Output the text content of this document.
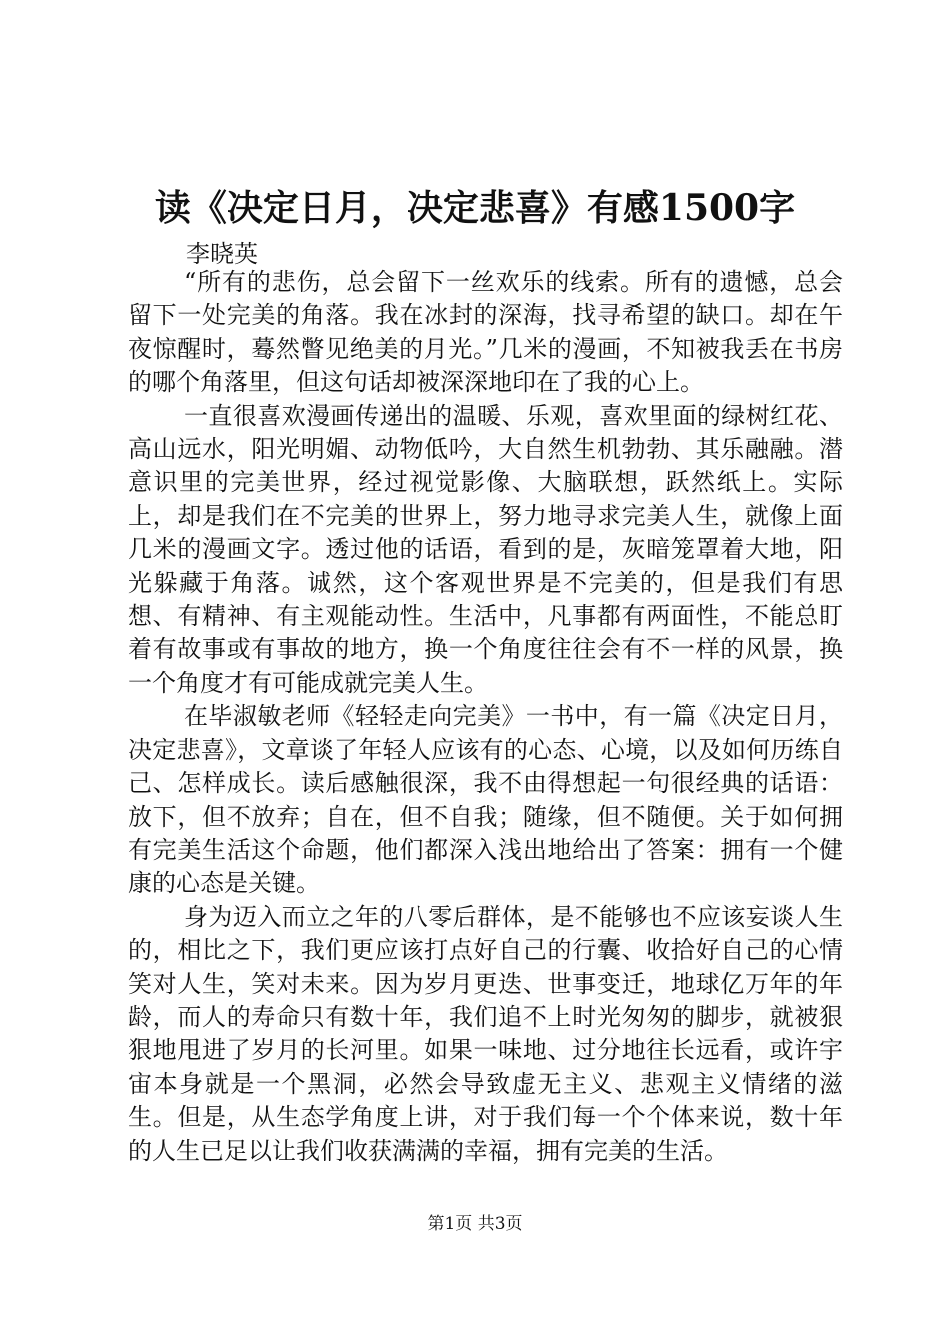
读《决定日月，决定悲喜》有感1500字
李晓英

“所有的悲伤，总会留下一丝欢乐的线索。所有的遗憾，总会留下一处完美的角落。我在冰封的深海，找寻希望的缺口。却在午夜惊醒时，蓦然瞥见绝美的月光。”几米的漫画，不知被我丢在书房的哪个角落里，但这句话却被深深地印在了我的心上。

一直很喜欢漫画传递出的温暖、乐观，喜欢里面的绿树红花、高山远水，阳光明媚、动物低吟，大自然生机勃勃、其乐融融。潜意识里的完美世界，经过视觉影像、大脑联想，跃然纸上。实际上，却是我们在不完美的世界上，努力地寻求完美人生，就像上面几米的漫画文字。透过他的话语，看到的是，灰暗笼罩着大地，阳光躲藏于角落。诚然，这个客观世界是不完美的，但是我们有思想、有精神、有主观能动性。生活中，凡事都有两面性，不能总盯着有故事或有事故的地方，换一个角度往往会有不一样的风景，换一个角度才有可能成就完美人生。

在毕淑敏老师《轻轻走向完美》一书中，有一篇《决定日月，决定悲喜》，文章谈了年轻人应该有的心态、心境，以及如何历练自己、怎样成长。读后感触很深，我不由得想起一句很经典的话语：放下，但不放弃；自在，但不自我；随缘，但不随便。关于如何拥有完美生活这个命题，他们都深入浅出地给出了答案：拥有一个健康的心态是关键。

身为迈入而立之年的八零后群体，是不能够也不应该妄谈人生的，相比之下，我们更应该打点好自己的行囊、收拾好自己的心情笑对人生，笑对未来。因为岁月更迭、世事变迁，地球亿万年的年龄，而人的寿命只有数十年，我们追不上时光匆匆的脚步，就被狠狠地甩进了岁月的长河里。如果一味地、过分地往长远看，或许宇宙本身就是一个黑洞，必然会导致虚无主义、悲观主义情绪的滋生。但是，从生态学角度上讲，对于我们每一个个体来说，数十年的人生已足以让我们收获满满的幸福，拥有完美的生活。

第1页 共3页
